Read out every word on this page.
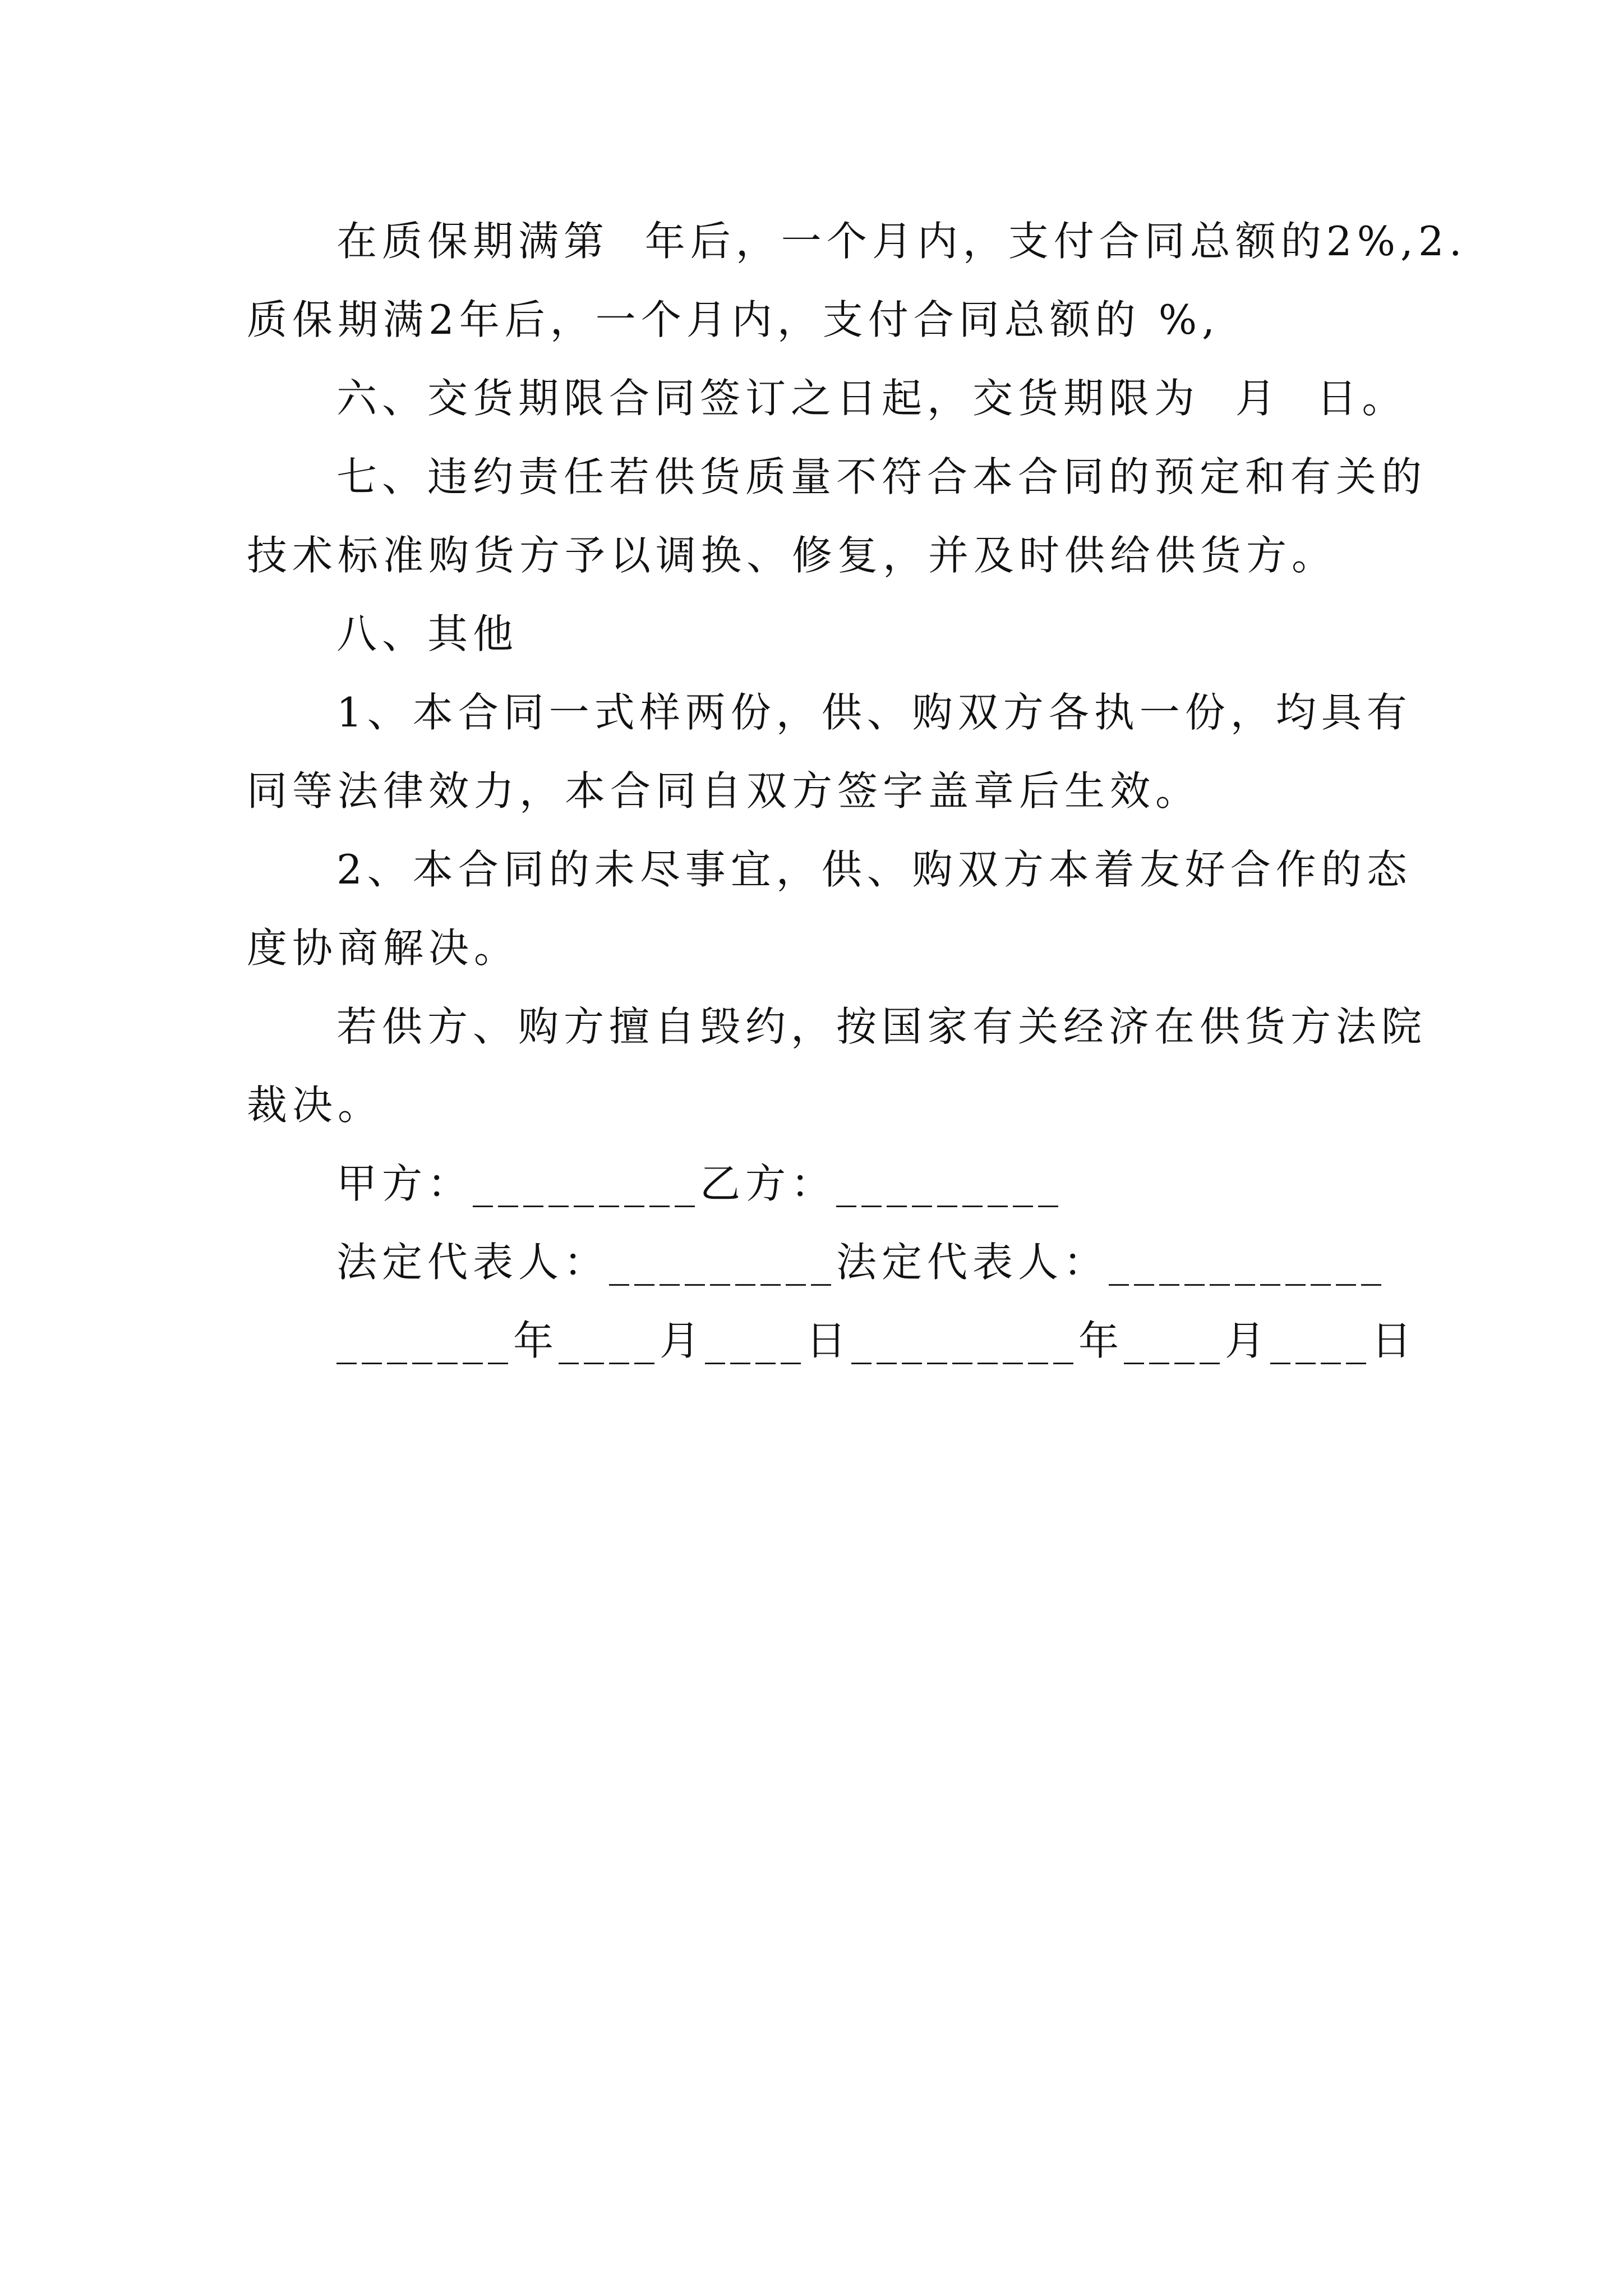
在质保期满第  年后，一个月内，支付合同总额的2%,2.
质保期满2年后，一个月内，支付合同总额的 %,
六、交货期限合同签订之日起，交货期限为  月  日。
七、违约责任若供货质量不符合本合同的预定和有关的
技术标准购货方予以调换、修复，并及时供给供货方。
八、其他
1、本合同一式样两份，供、购双方各执一份，均具有
同等法律效力，本合同自双方签字盖章后生效。
2、本合同的未尽事宜，供、购双方本着友好合作的态
度协商解决。
若供方、购方擅自毁约，按国家有关经济在供货方法院
裁决。
甲方：_________乙方：_________
法定代表人：_________法定代表人：___________
_______年____月____日_________年____月____日
